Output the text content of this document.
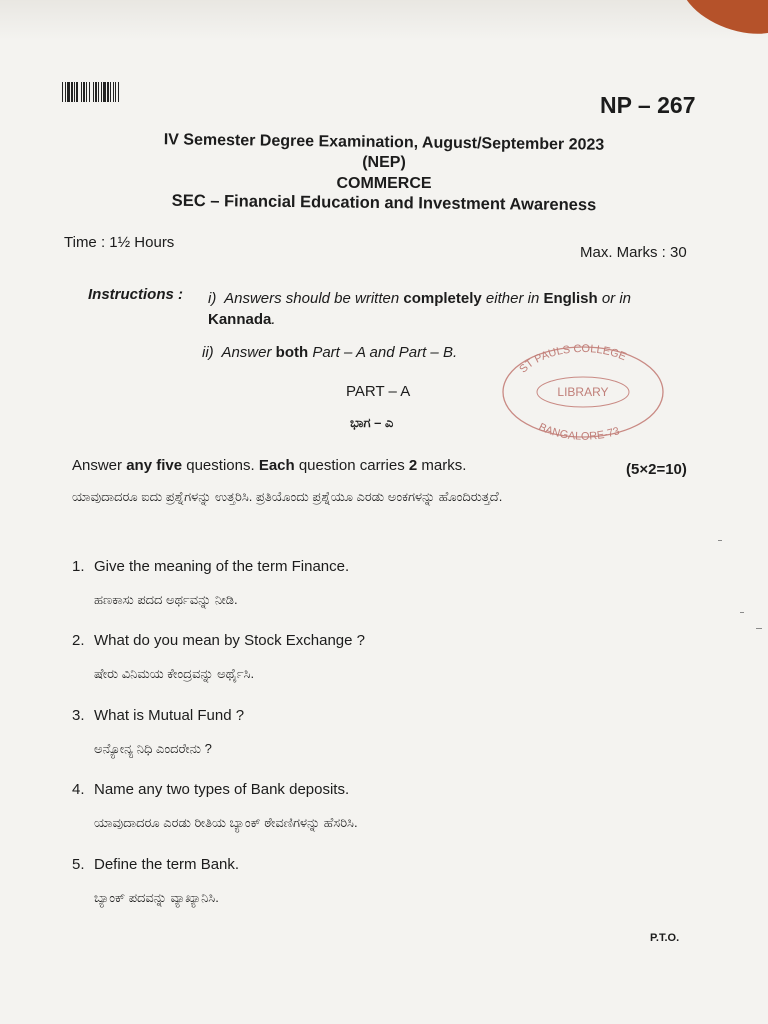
NP – 267
IV Semester Degree Examination, August/September 2023
(NEP)
COMMERCE
SEC – Financial Education and Investment Awareness
Time : 1½ Hours
Max. Marks : 30
Instructions : i) Answers should be written completely either in English or in
Kannada.
ii) Answer both Part – A and Part – B.
ST PAULS COLLEGE
LIBRARY
BANGALORE-73
PART – A
ಭಾಗ – ಎ
Answer any five questions. Each question carries 2 marks.	(5×2=10)
ಯಾವುದಾದರೂ ಐದು ಪ್ರಶ್ನೆಗಳನ್ನು ಉತ್ತರಿಸಿ. ಪ್ರತಿಯೊಂದು ಪ್ರಶ್ನೆಯೂ ಎರಡು ಅಂಕಗಳನ್ನು ಹೊಂದಿರುತ್ತದೆ.
1. Give the meaning of the term Finance.
ಹಣಕಾಸು ಪದದ ಅರ್ಥವನ್ನು ನೀಡಿ.
2. What do you mean by Stock Exchange ?
ಷೇರು ವಿನಿಮಯ ಕೇಂದ್ರವನ್ನು ಅರ್ಥೈಸಿ.
3. What is Mutual Fund ?
ಅನ್ಯೋನ್ಯ ನಿಧಿ ಎಂದರೇನು ?
4. Name any two types of Bank deposits.
ಯಾವುದಾದರೂ ಎರಡು ರೀತಿಯ ಬ್ಯಾಂಕ್ ಠೇವಣಿಗಳನ್ನು ಹೆಸರಿಸಿ.
5. Define the term Bank.
ಬ್ಯಾಂಕ್ ಪದವನ್ನು ವ್ಯಾಖ್ಯಾನಿಸಿ.
P.T.O.
